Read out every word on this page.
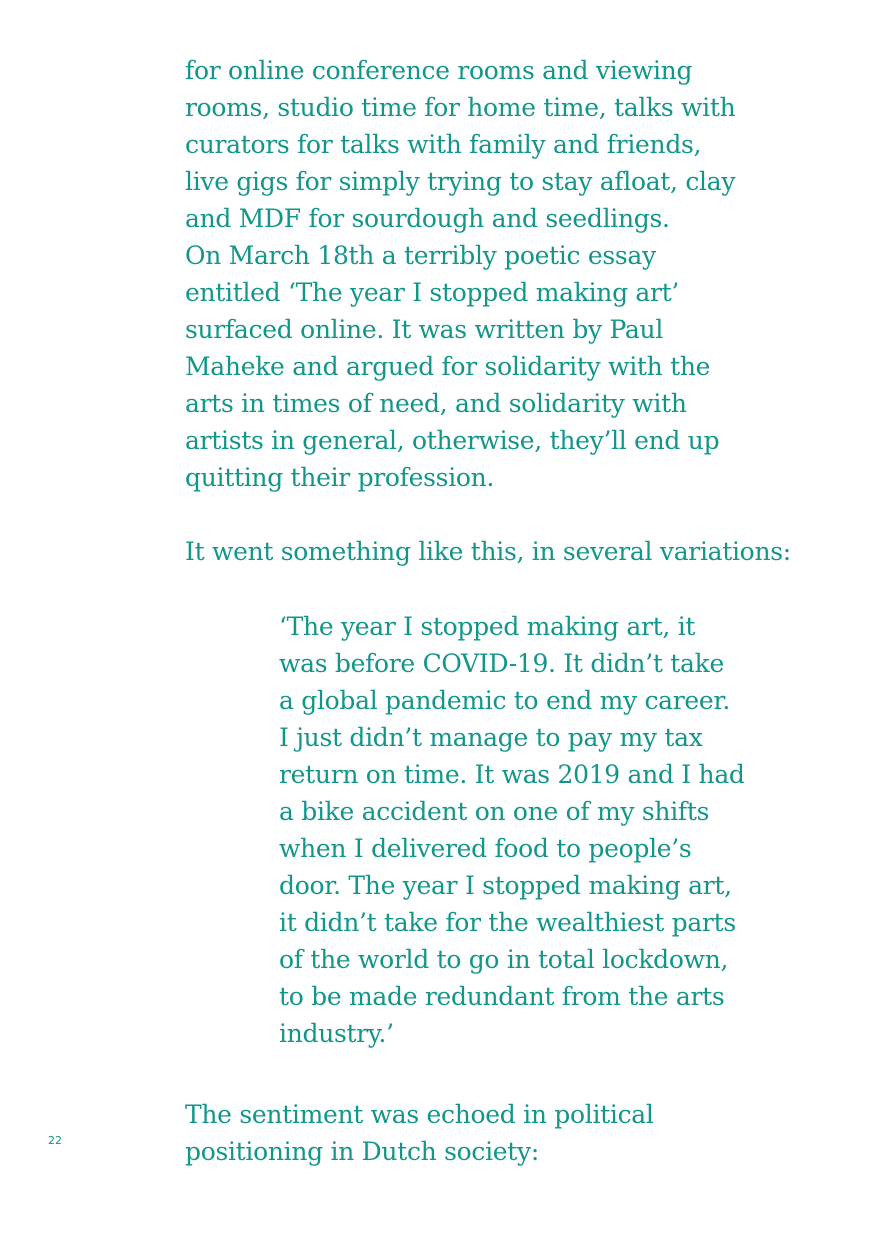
for online conference rooms and viewing
rooms, studio time for home time, talks with
curators for talks with family and friends,
live gigs for simply trying to stay afloat, clay
and MDF for sourdough and seedlings.
On March 18th a terribly poetic essay
entitled ‘The year I stopped making art’
surfaced online. It was written by Paul
Maheke and argued for solidarity with the
arts in times of need, and solidarity with
artists in general, otherwise, they’ll end up
quitting their profession.
It went something like this, in several variations:
‘The year I stopped making art, it
was before COVID-19. It didn’t take
a global pandemic to end my career.
I just didn’t manage to pay my tax
return on time. It was 2019 and I had
a bike accident on one of my shifts
when I delivered food to people’s
door. The year I stopped making art,
it didn’t take for the wealthiest parts
of the world to go in total lockdown,
to be made redundant from the arts
industry.’
The sentiment was echoed in political
positioning in Dutch society:
22
